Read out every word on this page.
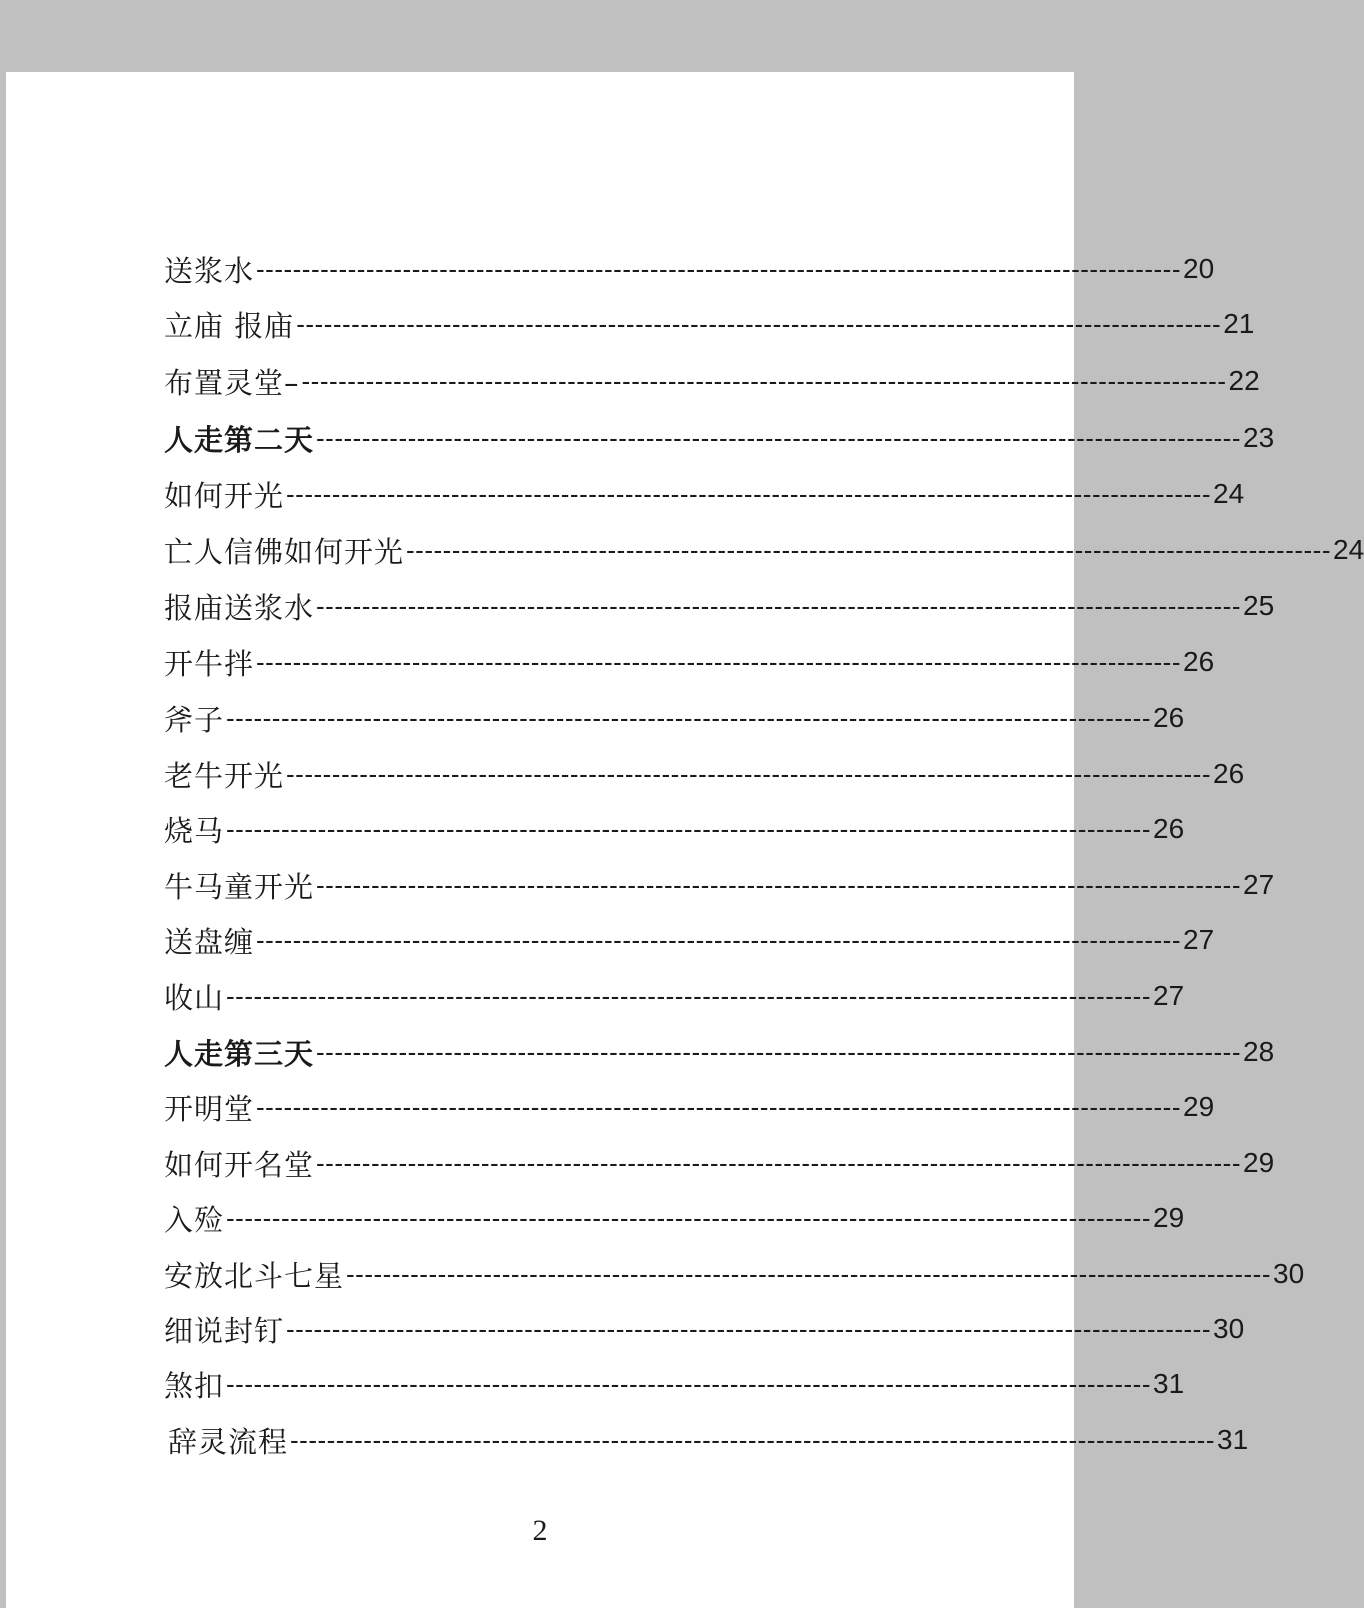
送浆水 ----------------------------------------------------------------------------------------------------- 20
立庙 报庙 ----------------------------------------------------------------------------------------------------- 21
布置灵堂– ----------------------------------------------------------------------------------------------------- 22
人走第二天 ----------------------------------------------------------------------------------------------------- 23
如何开光 ----------------------------------------------------------------------------------------------------- 24
亡人信佛如何开光 ----------------------------------------------------------------------------------------------------- 24
报庙送浆水 ----------------------------------------------------------------------------------------------------- 25
开牛拌 ----------------------------------------------------------------------------------------------------- 26
斧子 ----------------------------------------------------------------------------------------------------- 26
老牛开光 ----------------------------------------------------------------------------------------------------- 26
烧马 ----------------------------------------------------------------------------------------------------- 26
牛马童开光 ----------------------------------------------------------------------------------------------------- 27
送盘缠 ----------------------------------------------------------------------------------------------------- 27
收山 ----------------------------------------------------------------------------------------------------- 27
人走第三天 ----------------------------------------------------------------------------------------------------- 28
开明堂 ----------------------------------------------------------------------------------------------------- 29
如何开名堂 ----------------------------------------------------------------------------------------------------- 29
入殓 ----------------------------------------------------------------------------------------------------- 29
安放北斗七星 ----------------------------------------------------------------------------------------------------- 30
细说封钉 ----------------------------------------------------------------------------------------------------- 30
煞扣 ----------------------------------------------------------------------------------------------------- 31
辞灵流程 ----------------------------------------------------------------------------------------------------- 31
2
